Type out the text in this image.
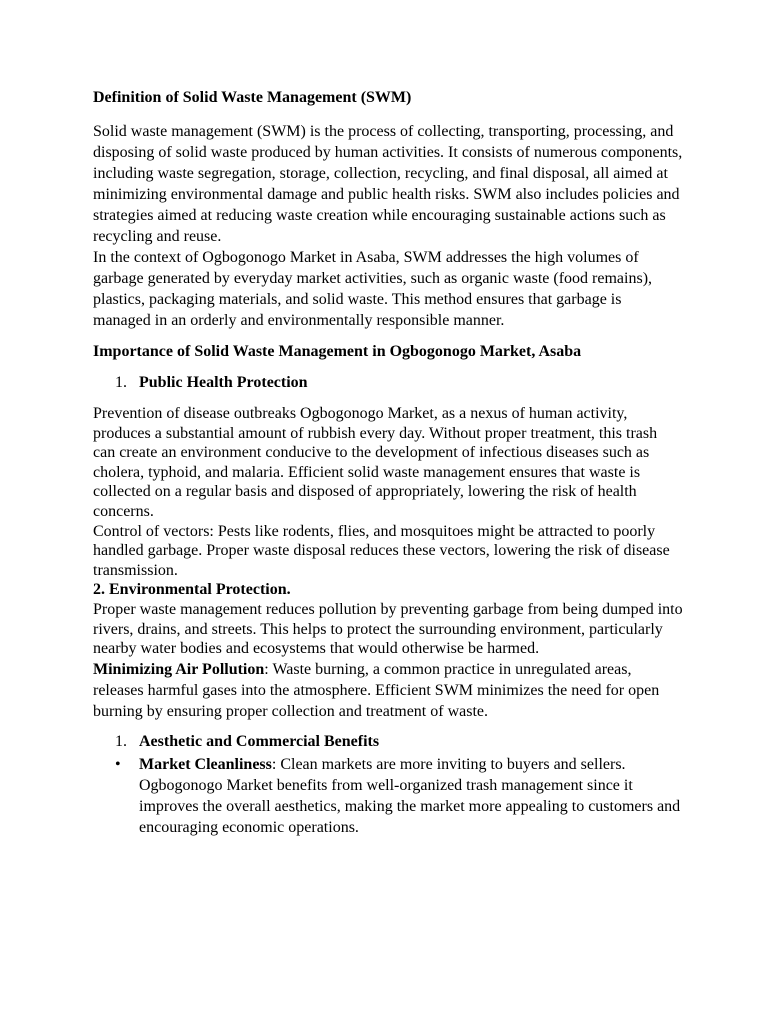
Definition of Solid Waste Management (SWM)

Solid waste management (SWM) is the process of collecting, transporting, processing, and disposing of solid waste produced by human activities. It consists of numerous components, including waste segregation, storage, collection, recycling, and final disposal, all aimed at minimizing environmental damage and public health risks. SWM also includes policies and strategies aimed at reducing waste creation while encouraging sustainable actions such as recycling and reuse.

In the context of Ogbogonogo Market in Asaba, SWM addresses the high volumes of garbage generated by everyday market activities, such as organic waste (food remains), plastics, packaging materials, and solid waste. This method ensures that garbage is managed in an orderly and environmentally responsible manner.

Importance of Solid Waste Management in Ogbogonogo Market, Asaba

1. Public Health Protection

Prevention of disease outbreaks Ogbogonogo Market, as a nexus of human activity, produces a substantial amount of rubbish every day. Without proper treatment, this trash can create an environment conducive to the development of infectious diseases such as cholera, typhoid, and malaria. Efficient solid waste management ensures that waste is collected on a regular basis and disposed of appropriately, lowering the risk of health concerns.

Control of vectors: Pests like rodents, flies, and mosquitoes might be attracted to poorly handled garbage. Proper waste disposal reduces these vectors, lowering the risk of disease transmission.

2. Environmental Protection.

Proper waste management reduces pollution by preventing garbage from being dumped into rivers, drains, and streets. This helps to protect the surrounding environment, particularly nearby water bodies and ecosystems that would otherwise be harmed.

Minimizing Air Pollution: Waste burning, a common practice in unregulated areas, releases harmful gases into the atmosphere. Efficient SWM minimizes the need for open burning by ensuring proper collection and treatment of waste.

1. Aesthetic and Commercial Benefits
•	Market Cleanliness: Clean markets are more inviting to buyers and sellers. Ogbogonogo Market benefits from well-organized trash management since it improves the overall aesthetics, making the market more appealing to customers and encouraging economic operations.
